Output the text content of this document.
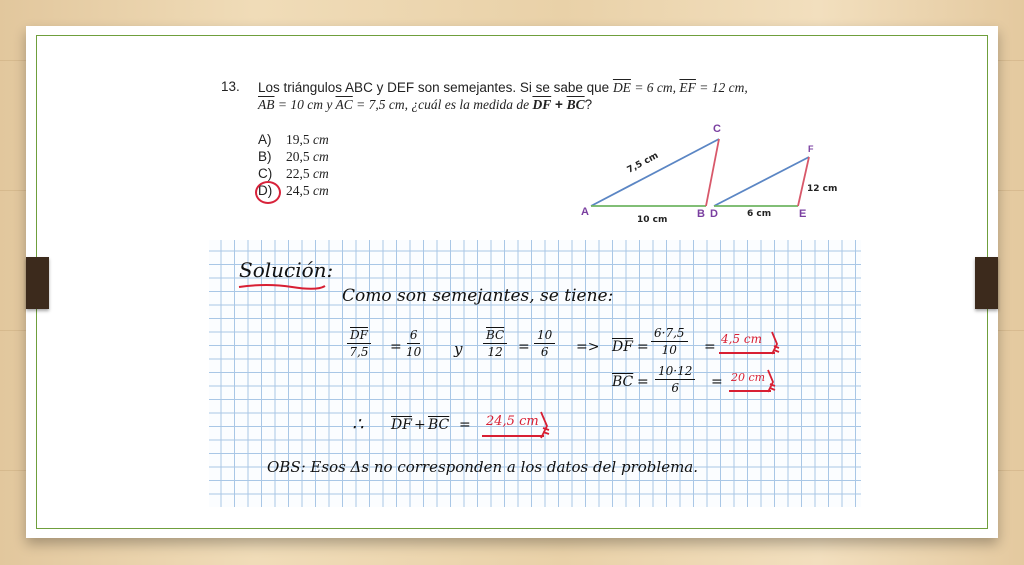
13. Los triángulos ABC y DEF son semejantes. Si se sabe que $\overline{DE} = 6$ cm, $\overline{EF} = 12$ cm,
$\overline{AB} = 10$ cm y $\overline{AC} = 7,5$ cm, ¿cuál es la medida de $\overline{DF} + \overline{BC}$?
A)	19,5 cm
B)	20,5 cm
C)	22,5 cm
D)	24,5 cm
A	B
C
D	E
F
7,5 cm
10 cm
6 cm
12 cm
Solución:
Como son semejantes, se tiene:
$\frac{\overline{DF}}{7,5} = \frac{6}{10}$ y $\frac{\overline{BC}}{12} = \frac{10}{6} => \overline{DF} = \frac{6\cdot 7,5}{10} = 4,5$ cm
$\overline{BC} = \frac{10\cdot 12}{6} = 20$ cm
∴ $\overline{DF} + \overline{BC} = 24,5$ cm
OBS: Esos Δs no corresponden a los datos del problema.
